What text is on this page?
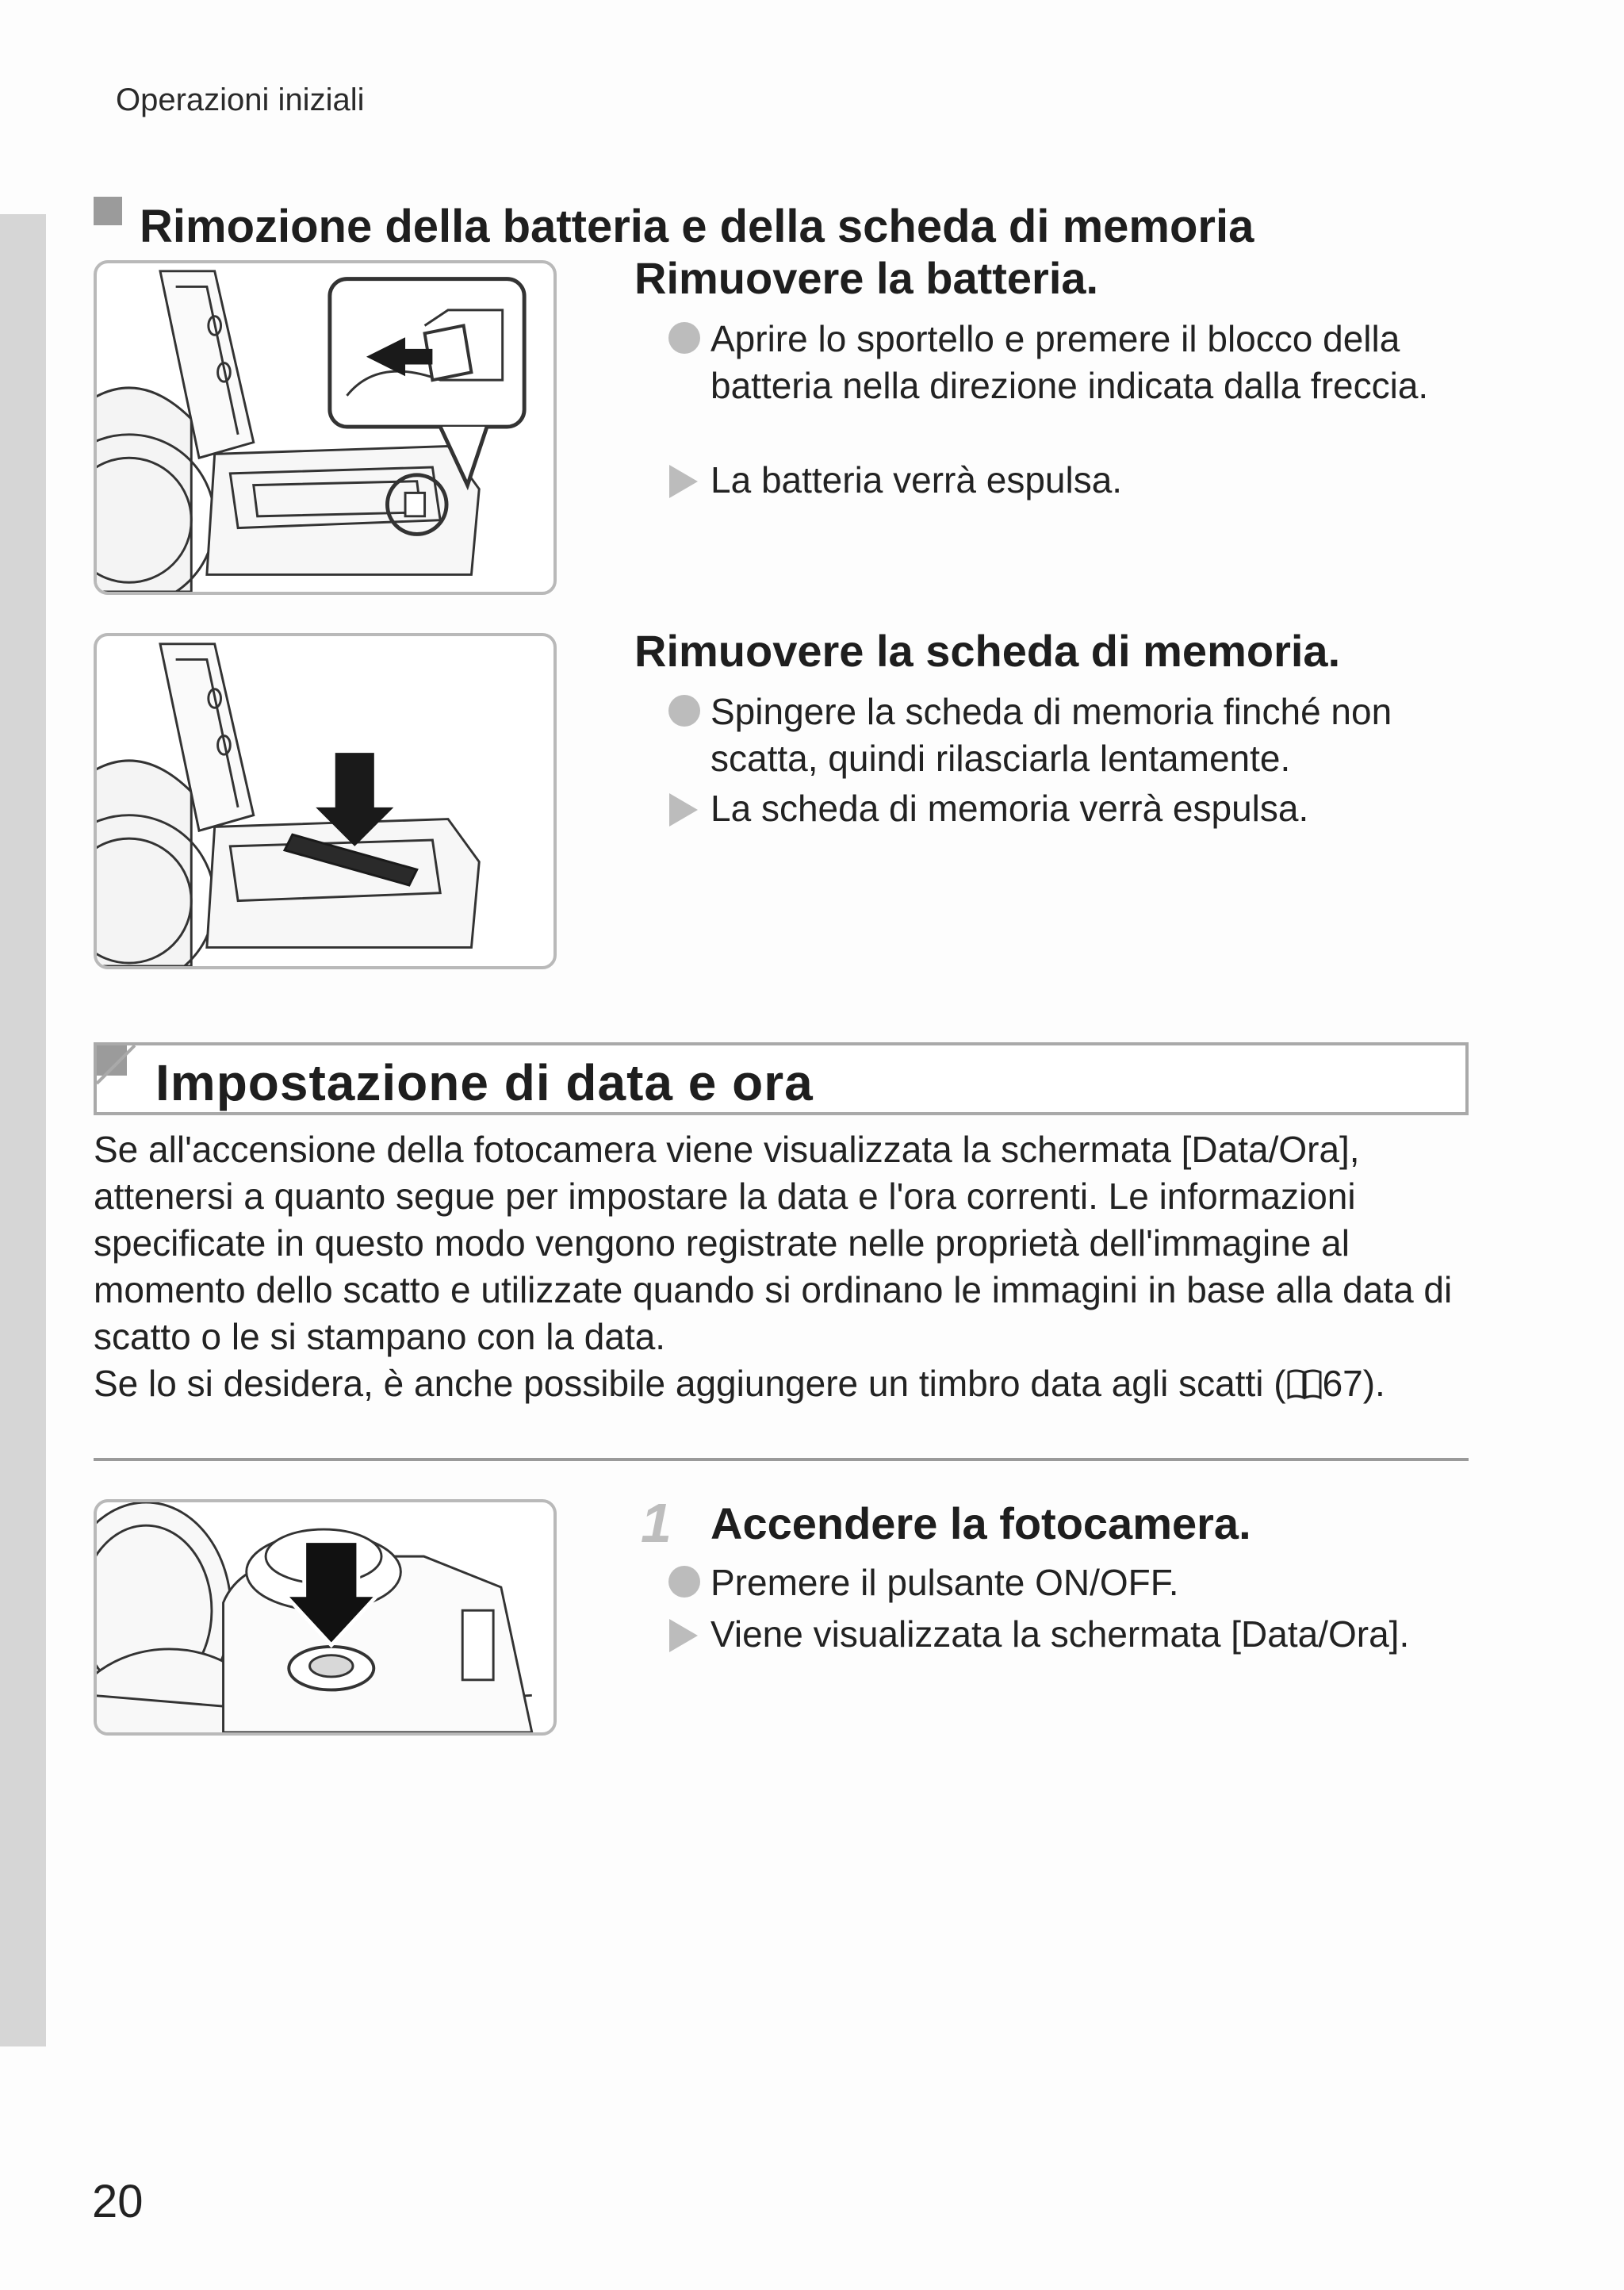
Operazioni iniziali
Rimozione della batteria e della scheda di memoria
Rimuovere la batteria.
Aprire lo sportello e premere il blocco della batteria nella direzione indicata dalla freccia.
La batteria verrà espulsa.
Rimuovere la scheda di memoria.
Spingere la scheda di memoria finché non scatta, quindi rilasciarla lentamente.
La scheda di memoria verrà espulsa.
Impostazione di data e ora

Se all'accensione della fotocamera viene visualizzata la schermata [Data/Ora], attenersi a quanto segue per impostare la data e l'ora correnti. Le informazioni specificate in questo modo vengono registrate nelle proprietà dell'immagine al momento dello scatto e utilizzate quando si ordinano le immagini in base alla data di scatto o le si stampano con la data.

Se lo si desidera, è anche possibile aggiungere un timbro data agli scatti ( 67).

1 Accendere la fotocamera.
Premere il pulsante ON/OFF.
Viene visualizzata la schermata [Data/Ora].
20
